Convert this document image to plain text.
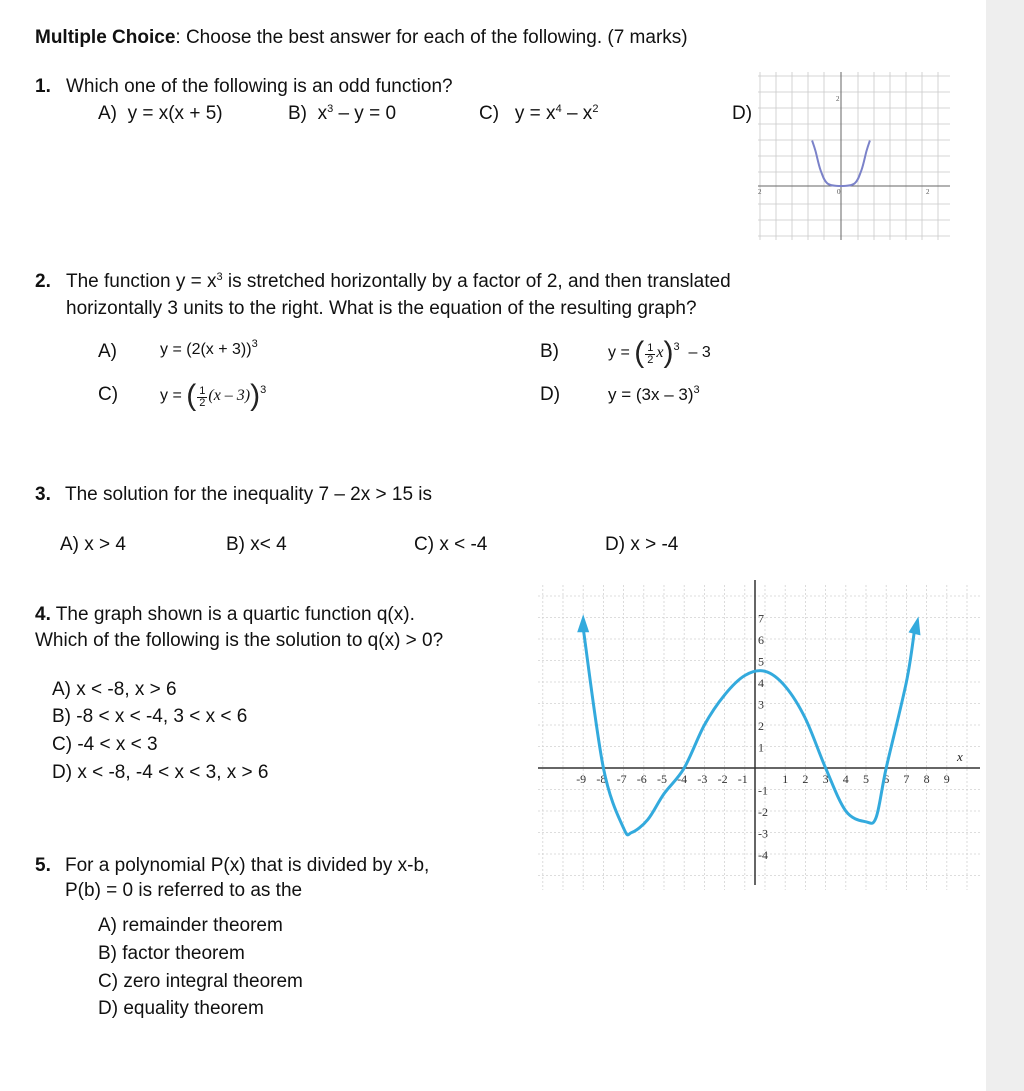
Multiple Choice: Choose the best answer for each of the following. (7 marks)
1. Which one of the following is an odd function?
A) y = x(x + 5)	B) $x^3 - y = 0$	C) $y = x^4 - x^2$	D)
2
2	0	2
2. The function $y = x^3$ is stretched horizontally by a factor of 2, and then translated
horizontally 3 units to the right. What is the equation of the resulting graph?
A)	$y = (2(x + 3))^3$	B)	y = ( $\frac{1}{2} x)^3 - 3$
C)	y = ( $\frac{1}{2} (x - 3))^3$	D)	y = (3x – 3)$^3$
3. The solution for the inequality 7 – 2x > 15 is
A) x > 4	B) x< 4	C) x < -4	D) x > -4
4. The graph shown is a quartic function q(x).
Which of the following is the solution to q(x) > 0?
A) x < -8, x > 6
B) -8 < x < -4, 3 < x < 6
C) -4 < x < 3
D) x < -8, -4 < x < 3, x > 6	-9 -8 -7 -6 -5 -4 -3 -2 -1	1 2 3 4 5 6 7 8 9
7
6
5
4
3
2
1
-1
-2
-3
-4
x
5. For a polynomial P(x) that is divided by x-b,
P(b) = 0 is referred to as the
A) remainder theorem
B) factor theorem
C) zero integral theorem
D) equality theorem
